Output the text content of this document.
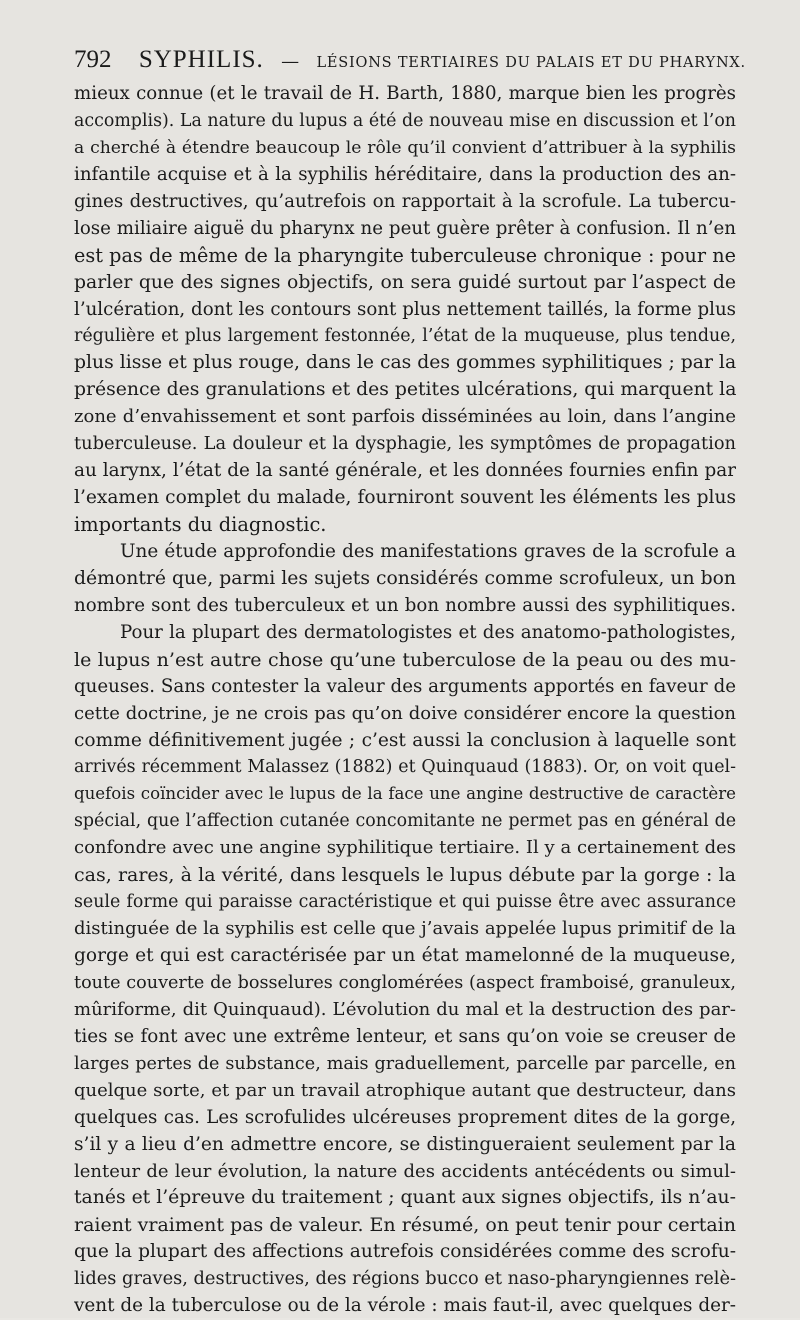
792 SYPHILIS. — LÉSIONS TERTIAIRES DU PALAIS ET DU PHARYNX.
mieux connue (et le travail de H. Barth, 1880, marque bien les progrès
accomplis). La nature du lupus a été de nouveau mise en discussion et l’on
a cherché à étendre beaucoup le rôle qu’il convient d’attribuer à la syphilis
infantile acquise et à la syphilis héréditaire, dans la production des an-
gines destructives, qu’autrefois on rapportait à la scrofule. La tubercu-
lose miliaire aiguë du pharynx ne peut guère prêter à confusion. Il n’en
est pas de même de la pharyngite tuberculeuse chronique : pour ne
parler que des signes objectifs, on sera guidé surtout par l’aspect de
l’ulcération, dont les contours sont plus nettement taillés, la forme plus
régulière et plus largement festonnée, l’état de la muqueuse, plus tendue,
plus lisse et plus rouge, dans le cas des gommes syphilitiques ; par la
présence des granulations et des petites ulcérations, qui marquent la
zone d’envahissement et sont parfois disséminées au loin, dans l’angine
tuberculeuse. La douleur et la dysphagie, les symptômes de propagation
au larynx, l’état de la santé générale, et les données fournies enfin par
l’examen complet du malade, fourniront souvent les éléments les plus
importants du diagnostic.
Une étude approfondie des manifestations graves de la scrofule a
démontré que, parmi les sujets considérés comme scrofuleux, un bon
nombre sont des tuberculeux et un bon nombre aussi des syphilitiques.
Pour la plupart des dermatologistes et des anatomo-pathologistes,
le lupus n’est autre chose qu’une tuberculose de la peau ou des mu-
queuses. Sans contester la valeur des arguments apportés en faveur de
cette doctrine, je ne crois pas qu’on doive considérer encore la question
comme définitivement jugée ; c’est aussi la conclusion à laquelle sont
arrivés récemment Malassez (1882) et Quinquaud (1883). Or, on voit quel-
quefois coïncider avec le lupus de la face une angine destructive de caractère
spécial, que l’affection cutanée concomitante ne permet pas en général de
confondre avec une angine syphilitique tertiaire. Il y a certainement des
cas, rares, à la vérité, dans lesquels le lupus débute par la gorge : la
seule forme qui paraisse caractéristique et qui puisse être avec assurance
distinguée de la syphilis est celle que j’avais appelée lupus primitif de la
gorge et qui est caractérisée par un état mamelonné de la muqueuse,
toute couverte de bosselures conglomérées (aspect framboisé, granuleux,
mûriforme, dit Quinquaud). L’évolution du mal et la destruction des par-
ties se font avec une extrême lenteur, et sans qu’on voie se creuser de
larges pertes de substance, mais graduellement, parcelle par parcelle, en
quelque sorte, et par un travail atrophique autant que destructeur, dans
quelques cas. Les scrofulides ulcéreuses proprement dites de la gorge,
s’il y a lieu d’en admettre encore, se distingueraient seulement par la
lenteur de leur évolution, la nature des accidents antécédents ou simul-
tanés et l’épreuve du traitement ; quant aux signes objectifs, ils n’au-
raient vraiment pas de valeur. En résumé, on peut tenir pour certain
que la plupart des affections autrefois considérées comme des scrofu-
lides graves, destructives, des régions bucco et naso-pharyngiennes relè-
vent de la tuberculose ou de la vérole : mais faut-il, avec quelques der-
